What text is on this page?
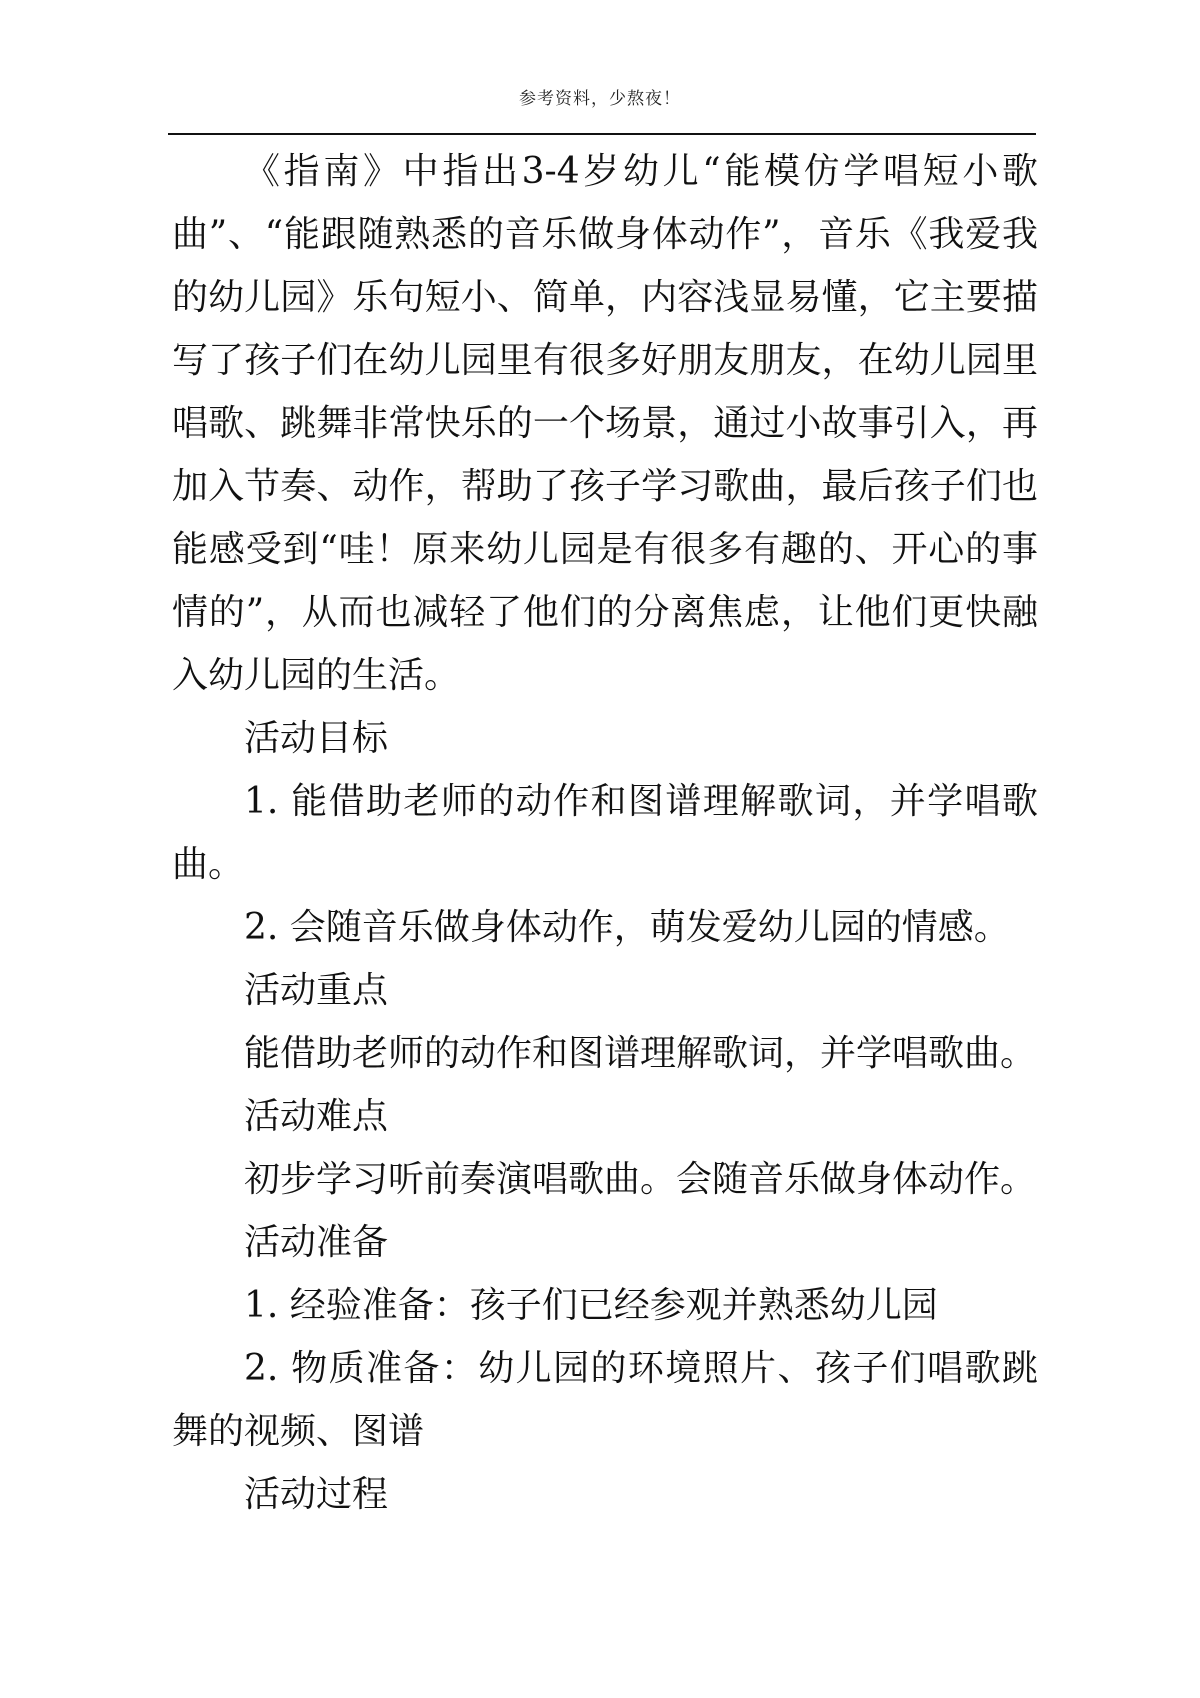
参考资料，少熬夜！

《指南》中指出3-4岁幼儿“能模仿学唱短小歌曲”、“能跟随熟悉的音乐做身体动作”，音乐《我爱我的幼儿园》乐句短小、简单，内容浅显易懂，它主要描写了孩子们在幼儿园里有很多好朋友朋友，在幼儿园里唱歌、跳舞非常快乐的一个场景，通过小故事引入，再加入节奏、动作，帮助了孩子学习歌曲，最后孩子们也能感受到“哇！原来幼儿园是有很多有趣的、开心的事情的”，从而也减轻了他们的分离焦虑，让他们更快融入幼儿园的生活。

活动目标

1. 能借助老师的动作和图谱理解歌词，并学唱歌曲。

2. 会随音乐做身体动作，萌发爱幼儿园的情感。

活动重点

能借助老师的动作和图谱理解歌词，并学唱歌曲。

活动难点

初步学习听前奏演唱歌曲。会随音乐做身体动作。

活动准备

1. 经验准备：孩子们已经参观并熟悉幼儿园

2. 物质准备：幼儿园的环境照片、孩子们唱歌跳舞的视频、图谱

活动过程
